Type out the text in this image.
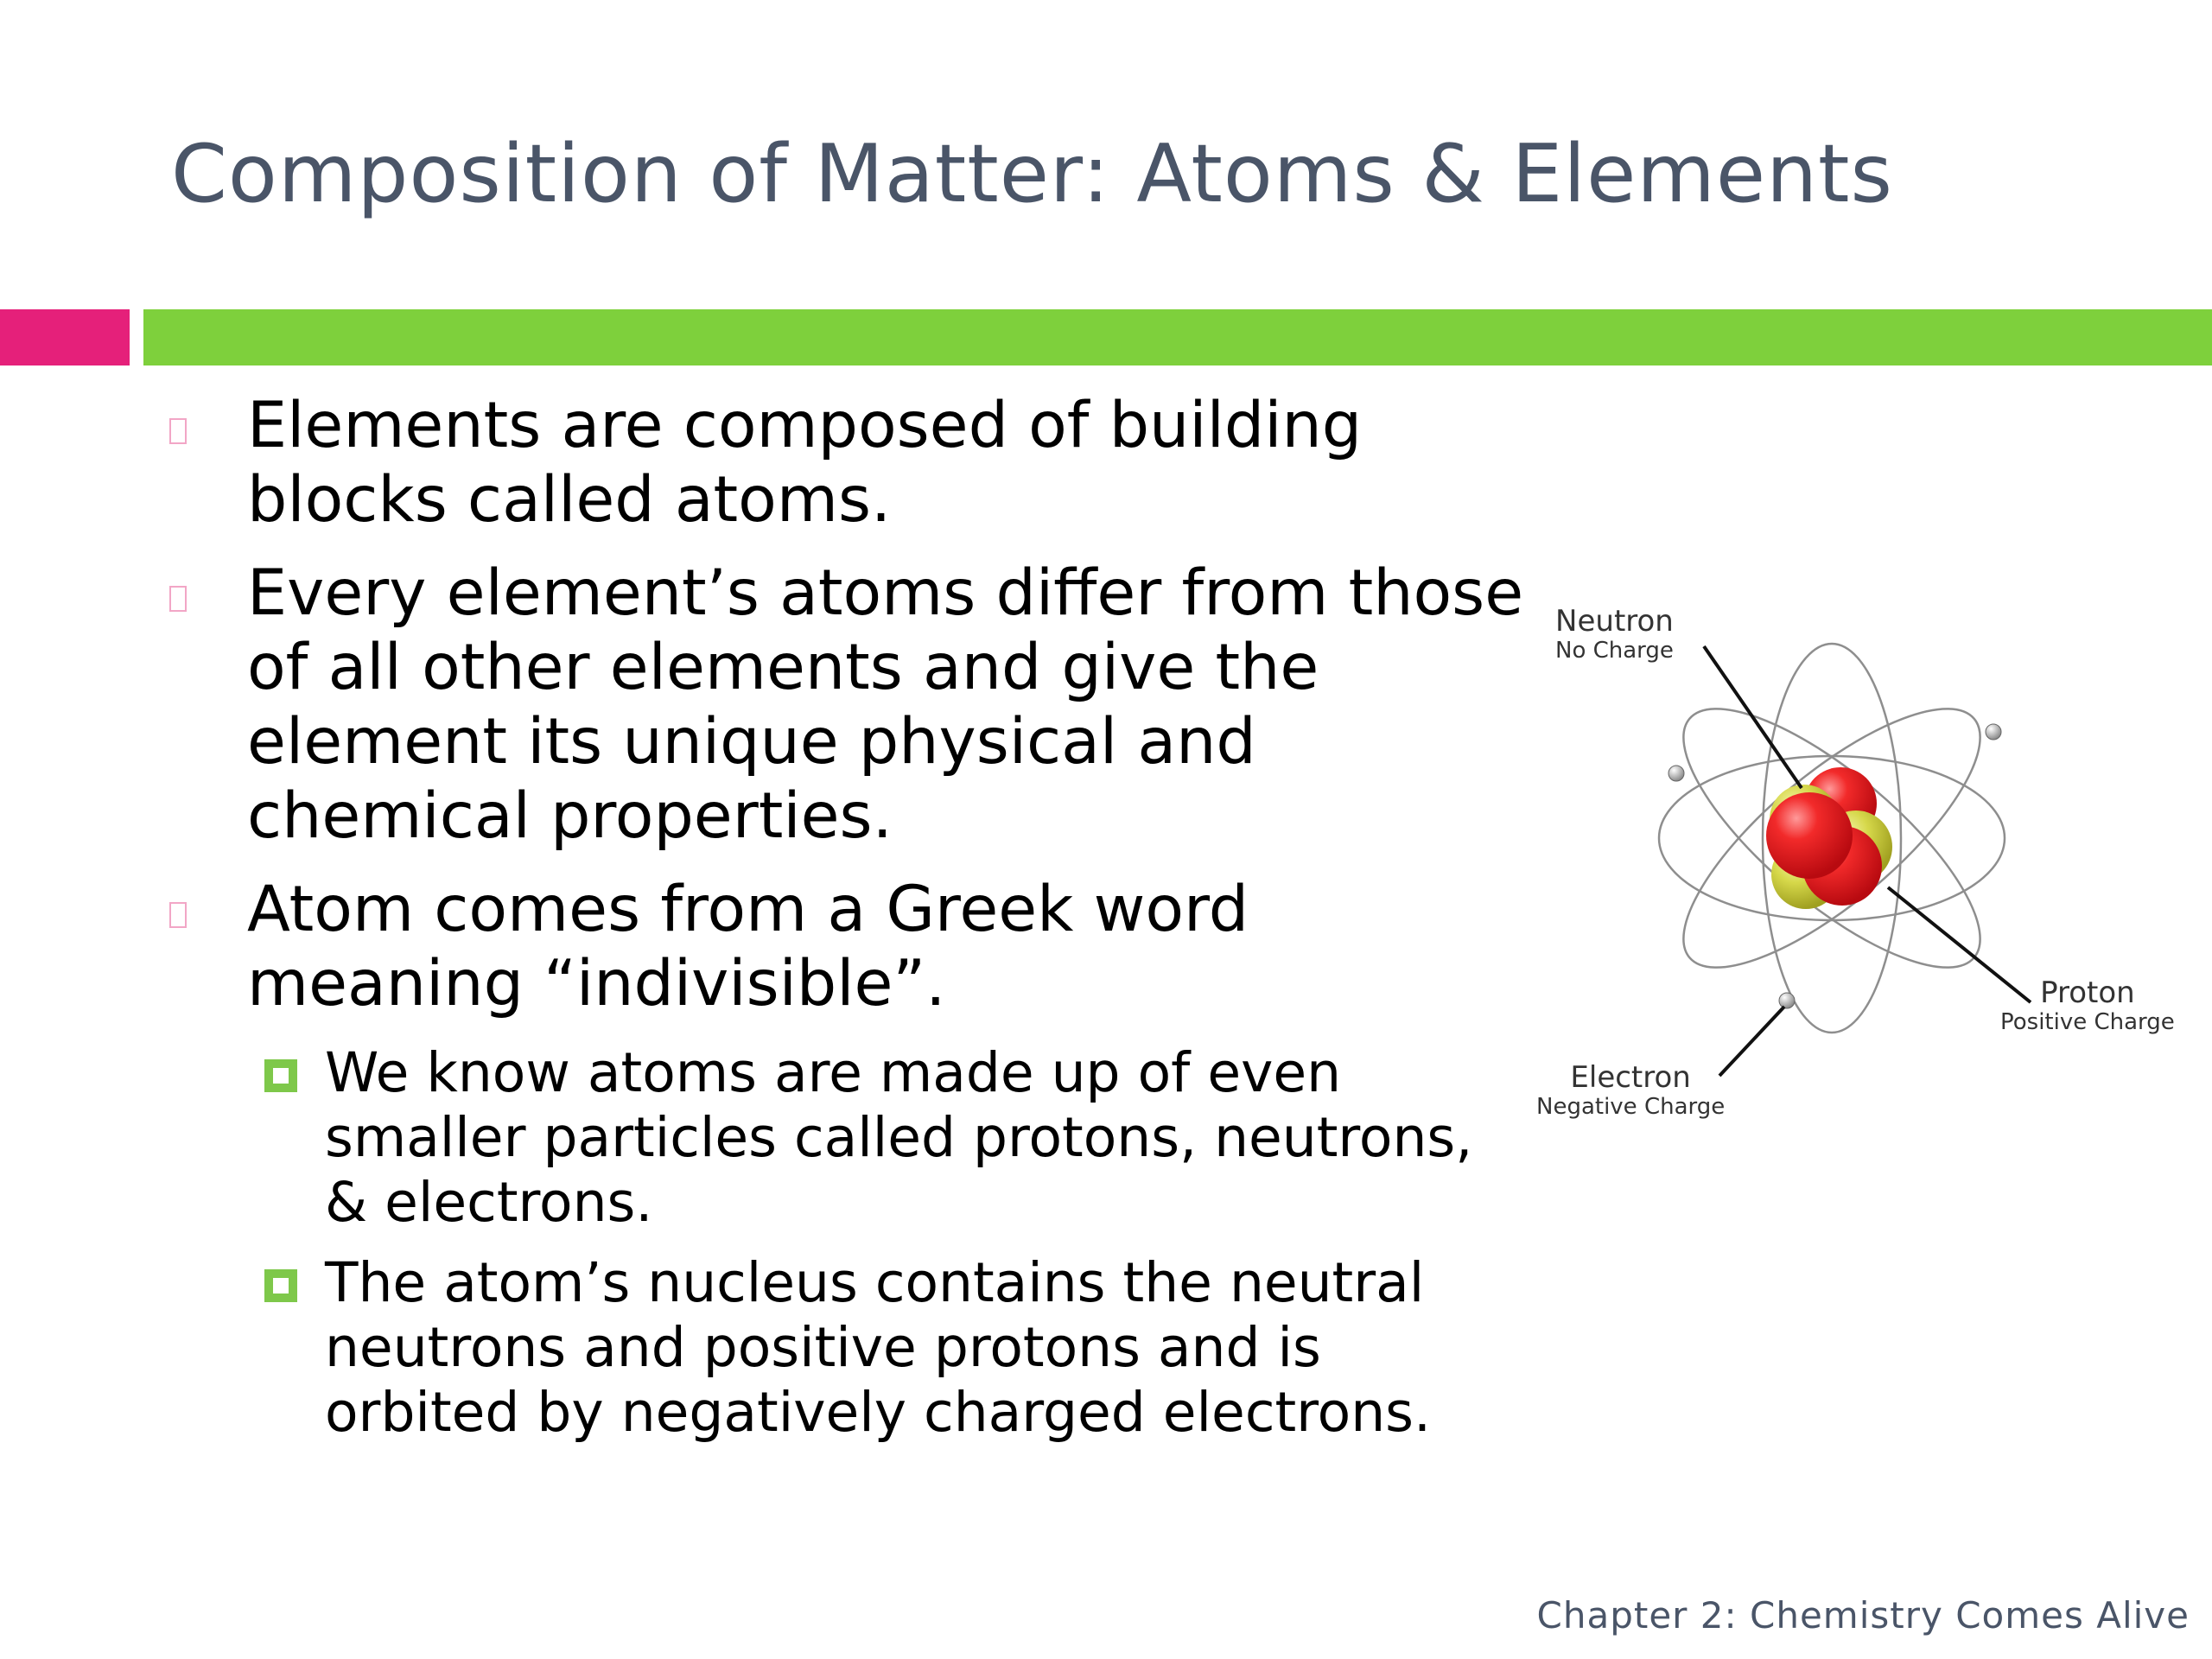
Composition of Matter: Atoms & Elements
Elements are composed of building blocks called atoms.
Every element’s atoms differ from those of all other elements and give the element its unique physical and chemical properties.
Atom comes from a Greek word meaning “indivisible”.
We know atoms are made up of even smaller particles called protons, neutrons, & electrons.
The atom’s nucleus contains the neutral neutrons and positive protons and is orbited by negatively charged electrons.
Neutron
No Charge
Proton
Positive Charge
Electron
Negative Charge
Chapter 2: Chemistry Comes Alive
